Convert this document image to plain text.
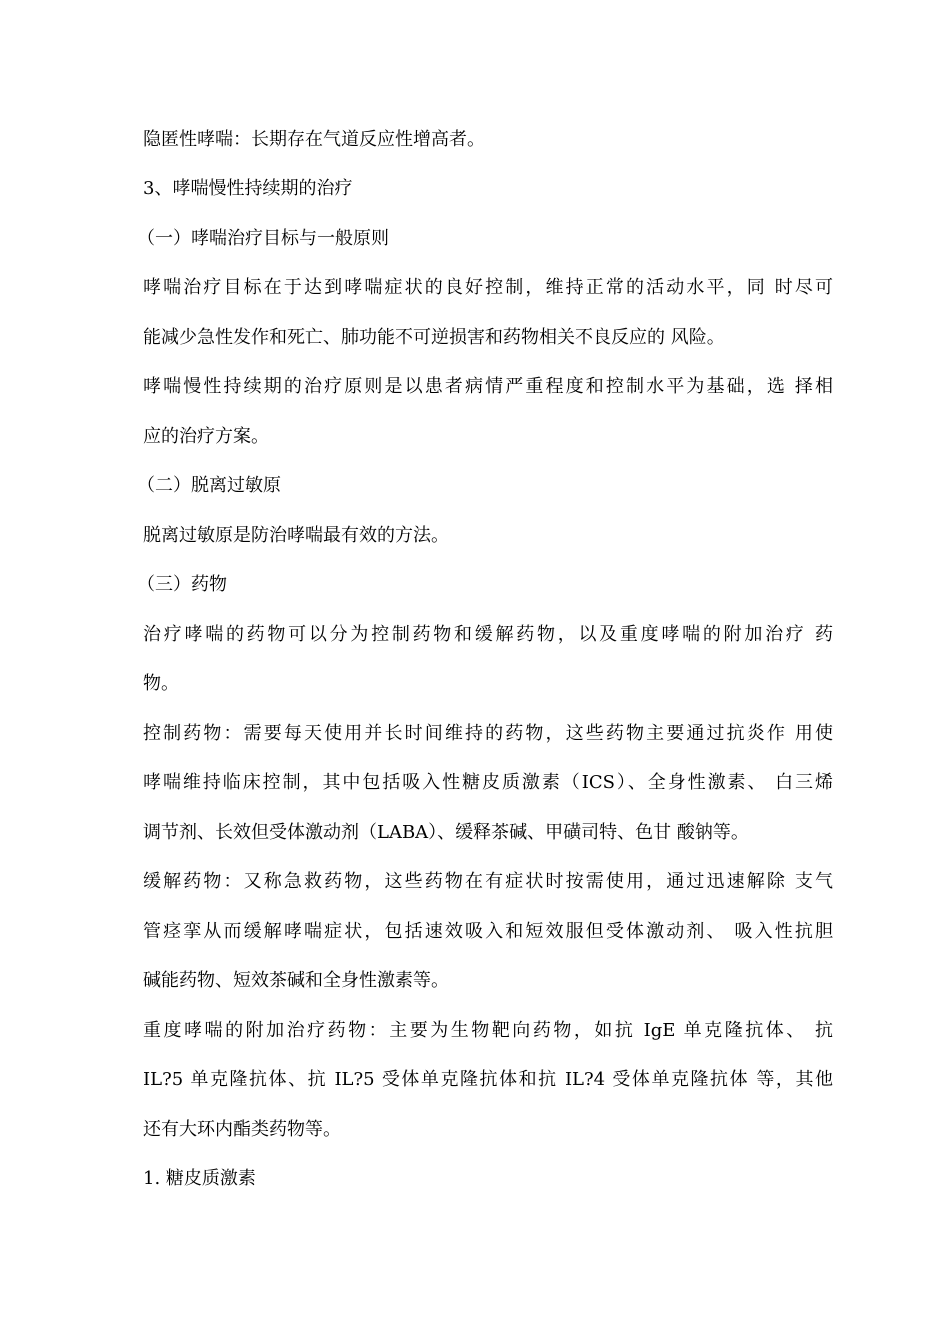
隐匿性哮喘：长期存在气道反应性增高者。
3、哮喘慢性持续期的治疗
（一）哮喘治疗目标与一般原则
哮喘治疗目标在于达到哮喘症状的良好控制，维持正常的活动水平，同 时尽可
能减少急性发作和死亡、肺功能不可逆损害和药物相关不良反应的 风险。
哮喘慢性持续期的治疗原则是以患者病情严重程度和控制水平为基础，选 择相
应的治疗方案。
（二）脱离过敏原
脱离过敏原是防治哮喘最有效的方法。
（三）药物
治疗哮喘的药物可以分为控制药物和缓解药物，以及重度哮喘的附加治疗 药
物。
控制药物：需要每天使用并长时间维持的药物，这些药物主要通过抗炎作 用使
哮喘维持临床控制，其中包括吸入性糖皮质激素（ICS）、全身性激素、 白三烯
调节剂、长效但受体激动剂（LABA）、缓释茶碱、甲磺司特、色甘 酸钠等。
缓解药物：又称急救药物，这些药物在有症状时按需使用，通过迅速解除 支气
管痉挛从而缓解哮喘症状，包括速效吸入和短效服但受体激动剂、 吸入性抗胆
碱能药物、短效茶碱和全身性激素等。
重度哮喘的附加治疗药物：主要为生物靶向药物，如抗 IgE 单克隆抗体、 抗
IL?5 单克隆抗体、抗 IL?5 受体单克隆抗体和抗 IL?4 受体单克隆抗体 等，其他
还有大环内酯类药物等。
1. 糖皮质激素
